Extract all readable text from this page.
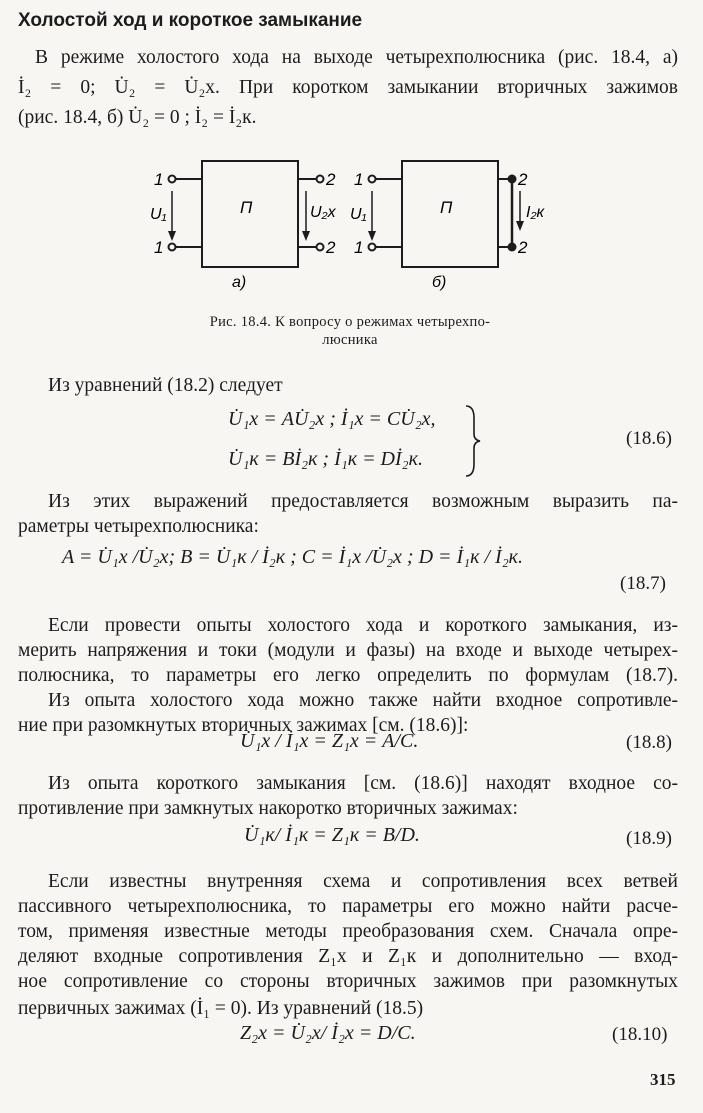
Холостой ход и короткое замыкание
В режиме холостого хода на выходе четырехполюсника (рис. 18.4, а)
İ₂ = 0; U̇₂ = U̇₂х. При коротком замыкании вторичных зажимов
(рис. 18.4, б) U̇₂ = 0 ; İ₂ = İ₂к.
1
1
2
2
U₁	U₂х
П
а)
1
1
2
2
U₁	I₂к
П
б)
Рис. 18.4. К вопросу о режимах четырехпо-
люсника
Из уравнений (18.2) следует
U̇₁х = AU̇₂х ; İ₁х = CU̇₂х,
U̇₁к = Bİ₂к ; İ₁к = Dİ₂к.
(18.6)
Из этих выражений предоставляется возможным выразить па-
раметры четырехполюсника:
A = U̇₁х /U̇₂х; B = U̇₁к / İ₂к ; C = İ₁х /U̇₂х ; D = İ₁к / İ₂к.
(18.7)
Если провести опыты холостого хода и короткого замыкания, из-
мерить напряжения и токи (модули и фазы) на входе и выходе четырех-
полюсника, то параметры его легко определить по формулам (18.7).
Из опыта холостого хода можно также найти входное сопротивле-
ние при разомкнутых вторичных зажимах [см. (18.6)]:
U̇₁х / İ₁х = Z₁х = A/C.	(18.8)
Из опыта короткого замыкания [см. (18.6)] находят входное со-
противление при замкнутых накоротко вторичных зажимах:
U̇₁к/ İ₁к = Z₁к = B/D.	(18.9)
Если известны внутренняя схема и сопротивления всех ветвей
пассивного четырехполюсника, то параметры его можно найти расче-
том, применяя известные методы преобразования схем. Сначала опре-
деляют входные сопротивления Z₁х и Z₁к и дополнительно — вход-
ное сопротивление со стороны вторичных зажимов при разомкнутых
первичных зажимах (İ₁ = 0). Из уравнений (18.5)
Z₂х = U̇₂х/ İ₂х = D/C.	(18.10)
315
